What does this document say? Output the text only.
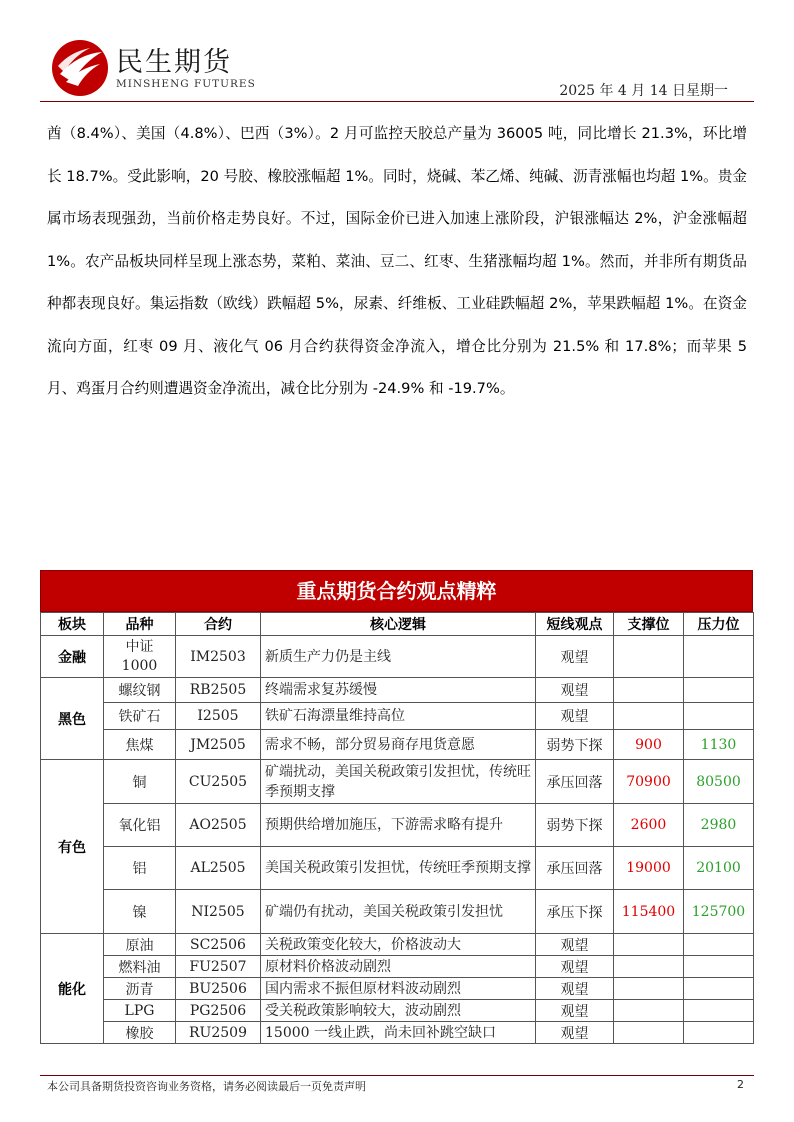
民生期货
MINSHENG FUTURES	2025 年 4 月 14 日星期一

酋（8.4%）、美国（4.8%）、巴西（3%）。2 月可监控天胶总产量为 36005 吨，同比增长 21.3%，环比增长 18.7%。受此影响，20 号胶、橡胶涨幅超 1%。同时，烧碱、苯乙烯、纯碱、沥青涨幅也均超 1%。贵金属市场表现强劲，当前价格走势良好。不过，国际金价已进入加速上涨阶段，沪银涨幅达 2%，沪金涨幅超 1%。农产品板块同样呈现上涨态势，菜粕、菜油、豆二、红枣、生猪涨幅均超 1%。然而，并非所有期货品种都表现良好。集运指数（欧线）跌幅超 5%，尿素、纤维板、工业硅跌幅超 2%，苹果跌幅超 1%。在资金流向方面，红枣 09 月、液化气 06 月合约获得资金净流入，增仓比分别为 21.5% 和 17.8%；而苹果 5 月、鸡蛋月合约则遭遇资金净流出，减仓比分别为 -24.9% 和 -19.7%。

重点期货合约观点精粹
板块	品种	合约	核心逻辑	短线观点	支撑位	压力位
金融	中证1000	IM2503	新质生产力仍是主线	观望		
黑色	螺纹钢	RB2505	终端需求复苏缓慢	观望		
	铁矿石	I2505	铁矿石海漂量维持高位	观望		
	焦煤	JM2505	需求不畅，部分贸易商存甩货意愿	弱势下探	900	1130
有色	铜	CU2505	矿端扰动，美国关税政策引发担忧，传统旺季预期支撑	承压回落	70900	80500
	氧化铝	AO2505	预期供给增加施压，下游需求略有提升	弱势下探	2600	2980
	铝	AL2505	美国关税政策引发担忧，传统旺季预期支撑	承压回落	19000	20100
	镍	NI2505	矿端仍有扰动，美国关税政策引发担忧	承压下探	115400	125700
能化	原油	SC2506	关税政策变化较大，价格波动大	观望		
	燃料油	FU2507	原材料价格波动剧烈	观望		
	沥青	BU2506	国内需求不振但原材料波动剧烈	观望		
	LPG	PG2506	受关税政策影响较大，波动剧烈	观望		
	橡胶	RU2509	15000 一线止跌，尚未回补跳空缺口	观望		
本公司具备期货投资咨询业务资格，请务必阅读最后一页免责声明	2
